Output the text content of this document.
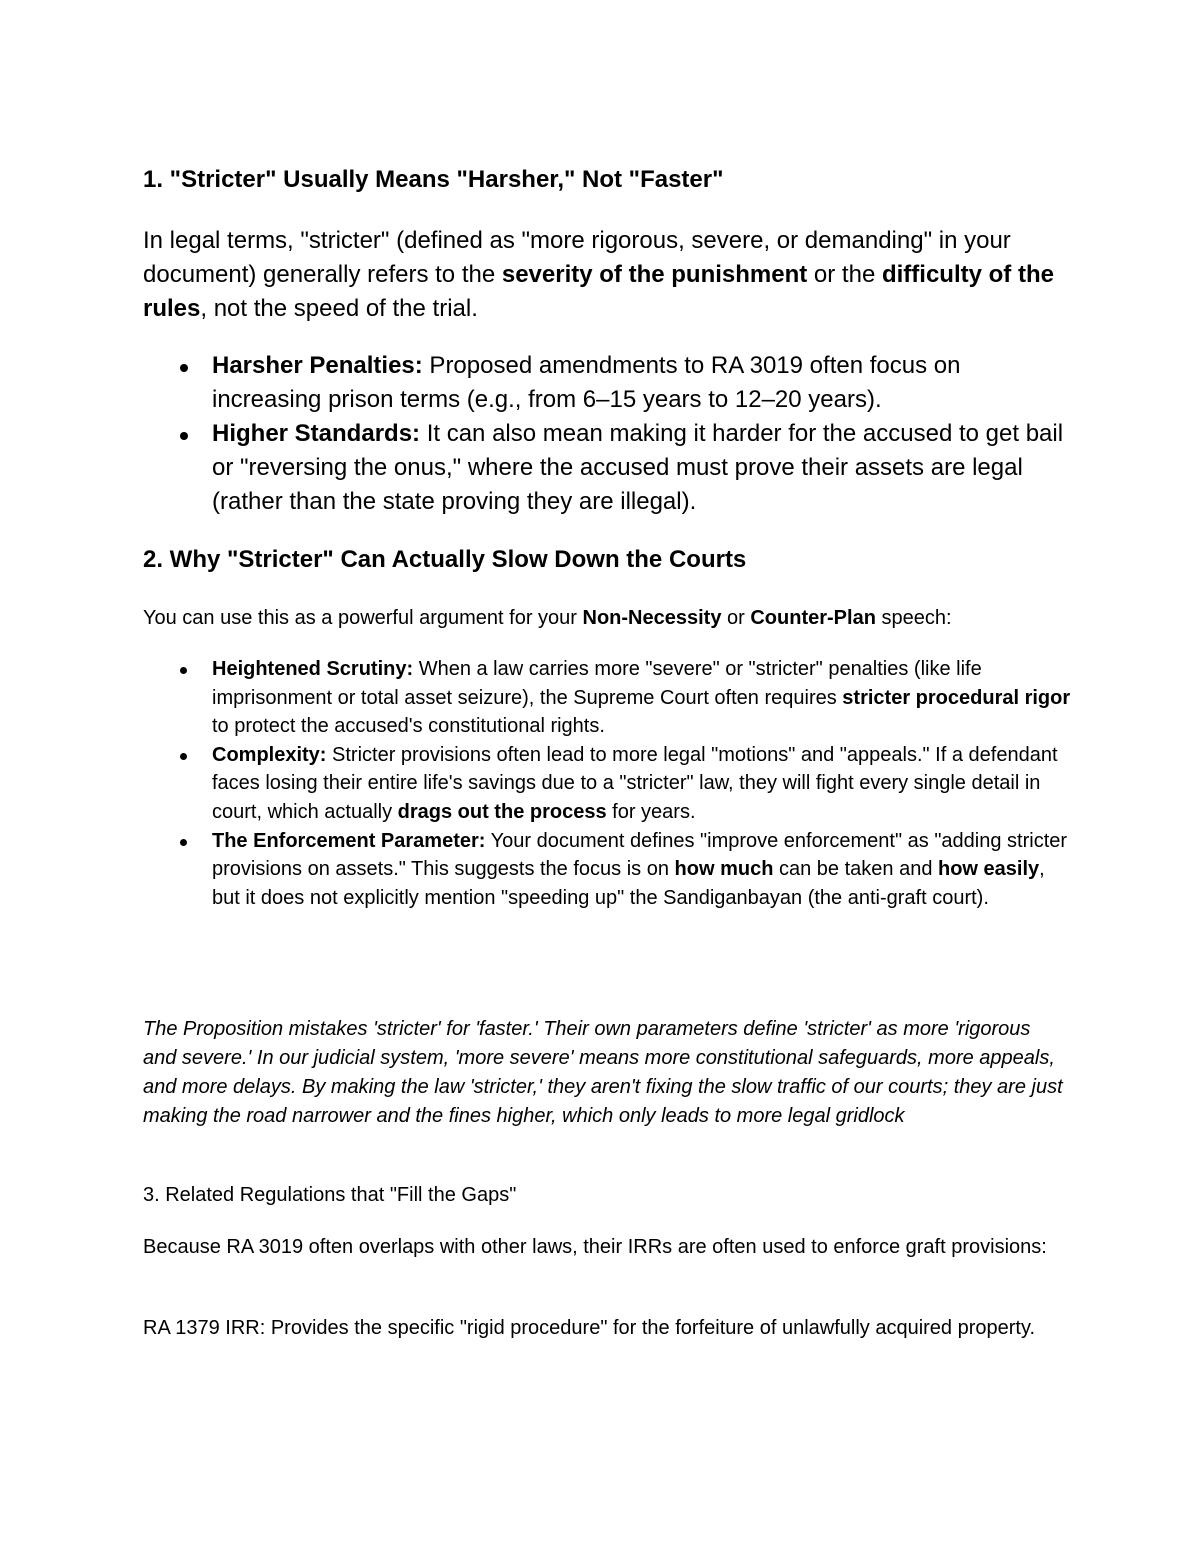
1. "Stricter" Usually Means "Harsher," Not "Faster"
In legal terms, "stricter" (defined as "more rigorous, severe, or demanding" in your document) generally refers to the severity of the punishment or the difficulty of the rules, not the speed of the trial.
Harsher Penalties: Proposed amendments to RA 3019 often focus on increasing prison terms (e.g., from 6–15 years to 12–20 years).
Higher Standards: It can also mean making it harder for the accused to get bail or "reversing the onus," where the accused must prove their assets are legal (rather than the state proving they are illegal).
2. Why "Stricter" Can Actually Slow Down the Courts
You can use this as a powerful argument for your Non-Necessity or Counter-Plan speech:
Heightened Scrutiny: When a law carries more "severe" or "stricter" penalties (like life imprisonment or total asset seizure), the Supreme Court often requires stricter procedural rigor to protect the accused's constitutional rights.
Complexity: Stricter provisions often lead to more legal "motions" and "appeals." If a defendant faces losing their entire life's savings due to a "stricter" law, they will fight every single detail in court, which actually drags out the process for years.
The Enforcement Parameter: Your document defines "improve enforcement" as "adding stricter provisions on assets." This suggests the focus is on how much can be taken and how easily, but it does not explicitly mention "speeding up" the Sandiganbayan (the anti-graft court).
The Proposition mistakes 'stricter' for 'faster.' Their own parameters define 'stricter' as more 'rigorous and severe.' In our judicial system, 'more severe' means more constitutional safeguards, more appeals, and more delays. By making the law 'stricter,' they aren't fixing the slow traffic of our courts; they are just making the road narrower and the fines higher, which only leads to more legal gridlock
3. Related Regulations that "Fill the Gaps"
Because RA 3019 often overlaps with other laws, their IRRs are often used to enforce graft provisions:
RA 1379 IRR: Provides the specific "rigid procedure" for the forfeiture of unlawfully acquired property.
